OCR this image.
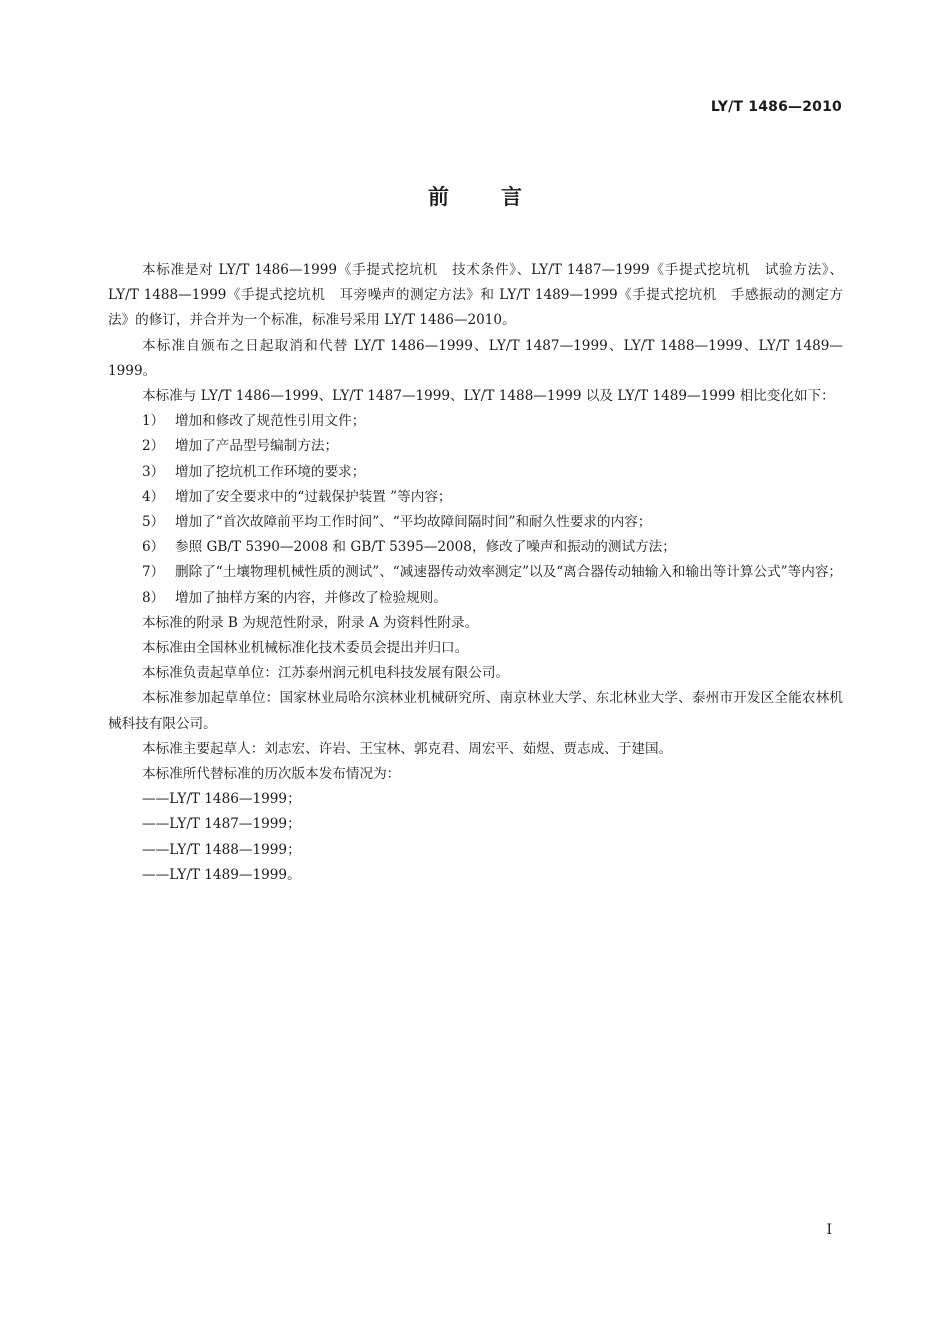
LY/T 1486—2010
前言

本标准是对 LY/T 1486—1999《手提式挖坑机　技术条件》、LY/T 1487—1999《手提式挖坑机　试验方法》、LY/T 1488—1999《手提式挖坑机　耳旁噪声的测定方法》和 LY/T 1489—1999《手提式挖坑机　手感振动的测定方法》的修订，并合并为一个标准，标准号采用 LY/T 1486—2010。

本标准自颁布之日起取消和代替 LY/T 1486—1999、LY/T 1487—1999、LY/T 1488—1999、LY/T 1489—1999。

本标准与 LY/T 1486—1999、LY/T 1487—1999、LY/T 1488—1999 以及 LY/T 1489—1999 相比变化如下：

1） 增加和修改了规范性引用文件；

2） 增加了产品型号编制方法；

3） 增加了挖坑机工作环境的要求；

4） 增加了安全要求中的“过载保护装置 ”等内容；

5） 增加了“首次故障前平均工作时间”、“平均故障间隔时间”和耐久性要求的内容；

6） 参照 GB/T 5390—2008 和 GB/T 5395—2008，修改了噪声和振动的测试方法；

7） 删除了“土壤物理机械性质的测试”、“减速器传动效率测定”以及“离合器传动轴输入和输出等计算公式”等内容；

8） 增加了抽样方案的内容，并修改了检验规则。

本标准的附录 B 为规范性附录，附录 A 为资料性附录。

本标准由全国林业机械标准化技术委员会提出并归口。

本标准负责起草单位：江苏泰州润元机电科技发展有限公司。

本标准参加起草单位：国家林业局哈尔滨林业机械研究所、南京林业大学、东北林业大学、泰州市开发区全能农林机械科技有限公司。

本标准主要起草人：刘志宏、许岩、王宝林、郭克君、周宏平、茹煜、贾志成、于建国。

本标准所代替标准的历次版本发布情况为：

——LY/T 1486—1999；

——LY/T 1487—1999；

——LY/T 1488—1999；

——LY/T 1489—1999。

I
